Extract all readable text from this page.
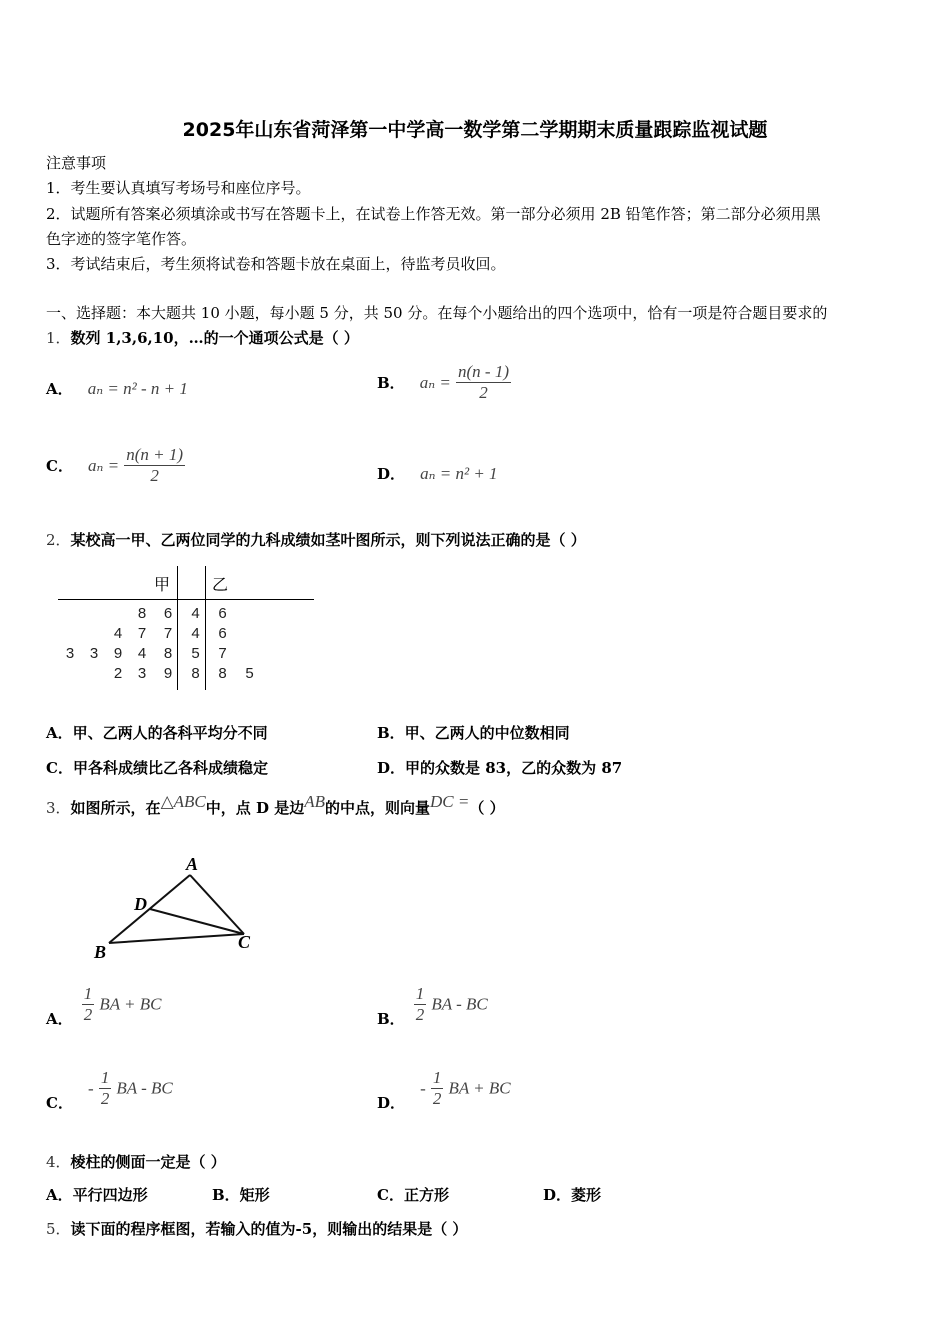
2025年山东省菏泽第一中学高一数学第二学期期末质量跟踪监视试题
注意事项
1．考生要认真填写考场号和座位序号。
2．试题所有答案必须填涂或书写在答题卡上，在试卷上作答无效。第一部分必须用 2B 铅笔作答；第二部分必须用黑
色字迹的签字笔作答。
3．考试结束后，考生须将试卷和答题卡放在桌面上，待监考员收回。
一、选择题：本大题共 10 小题，每小题 5 分，共 50 分。在每个小题给出的四个选项中，恰有一项是符合题目要求的
1．数列 1,3,6,10，…的一个通项公式是（ ）
A． aₙ = n² - n + 1	B． $a_n = \frac{n(n - 1)}{2}$
C． $a_n = \frac{n(n + 1)}{2}$	D． aₙ = n² + 1
2．某校高一甲、乙两位同学的九科成绩如茎叶图所示，则下列说法正确的是（ ）
甲	乙
			8	6	4	6	
		4	7	7	4	6	
3	3	9	4	8	5	7	
		2	3	9	8	8	5
A．甲、乙两人的各科平均分不同	B．甲、乙两人的中位数相同
C．甲各科成绩比乙各科成绩稳定	D．甲的众数是 83，乙的众数为 87
3．如图所示，在△ABC中，点 D 是边AB的中点，则向量DC =（ ）
A
D
B	C
A． $\frac{1}{2}$ BA + BC
B． $\frac{1}{2}$ BA - BC
C． - $\frac{1}{2}$ BA - BC
D． - $\frac{1}{2}$ BA + BC
4．棱柱的侧面一定是（ ）
A．平行四边形	B．矩形	C．正方形	D．菱形
5．读下面的程序框图，若输入的值为-5，则输出的结果是（ ）
